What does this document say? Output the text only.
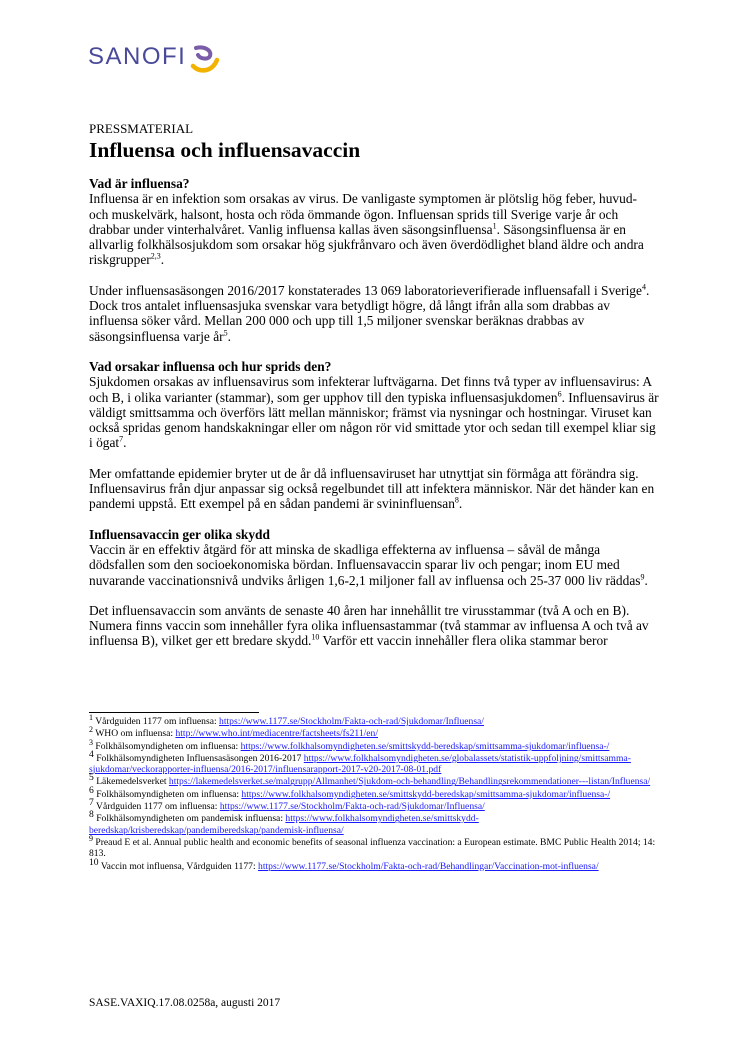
SANOFI
PRESSMATERIAL
Influensa och influensavaccin
Vad är influensa?

Influensa är en infektion som orsakas av virus. De vanligaste symptomen är plötslig hög feber, huvud- och muskelvärk, halsont, hosta och röda ömmande ögon. Influensan sprids till Sverige varje år och drabbar under vinterhalvåret. Vanlig influensa kallas även säsongsinfluensa$^1$. Säsongsinfluensa är en allvarlig folkhälsosjukdom som orsakar hög sjukfrånvaro och även överdödlighet bland äldre och andra riskgrupper$^{2,3}$.

Under influensasäsongen 2016/2017 konstaterades 13 069 laboratorieverifierade influensafall i Sverige$^4$. Dock tros antalet influensasjuka svenskar vara betydligt högre, då långt ifrån alla som drabbas av influensa söker vård. Mellan 200 000 och upp till 1,5 miljoner svenskar beräknas drabbas av säsongsinfluensa varje $år^5$.

Vad orsakar influensa och hur sprids den?

Sjukdomen orsakas av influensavirus som infekterar luftvägarna. Det finns två typer av influensavirus: A och B, i olika varianter (stammar), som ger upphov till den typiska influensasjukdomen$^6$. Influensavirus är väldigt smittsamma och överförs lätt mellan människor; främst via nysningar och hostningar. Viruset kan också spridas genom handskakningar eller om någon rör vid smittade ytor och sedan till exempel kliar sig i ögat$^7$.

Mer omfattande epidemier bryter ut de år då influensaviruset har utnyttjat sin förmåga att förändra sig. Influensavirus från djur anpassar sig också regelbundet till att infektera människor. När det händer kan en pandemi uppstå. Ett exempel på en sådan pandemi är svininfluensan$^8$.

Influensavaccin ger olika skydd

Vaccin är en effektiv åtgärd för att minska de skadliga effekterna av influensa – såväl de många dödsfallen som den socioekonomiska bördan. Influensavaccin sparar liv och pengar; inom EU med nuvarande vaccinationsnivå undviks årligen 1,6-2,1 miljoner fall av influensa och 25-37 000 liv räddas$^9$.

Det influensavaccin som använts de senaste 40 åren har innehållit tre virusstammar (två A och en B). Numera finns vaccin som innehåller fyra olika influensastammar (två stammar av influensa A och två av influensa B), vilket ger ett bredare skydd.$^{10}$ Varför ett vaccin innehåller flera olika stammar beror

$^1$ Vårdguiden 1177 om influensa: https://www.1177.se/Stockholm/Fakta-och-rad/Sjukdomar/Influensa/

$^2$ WHO om influensa: http://www.who.int/mediacentre/factsheets/fs211/en/

$^3$ Folkhälsomyndigheten om influensa: https://www.folkhalsomyndigheten.se/smittskydd-beredskap/smittsamma-sjukdomar/influensa-/

4 Folkhälsomyndigheten Influensasäsongen 2016-2017 https://www.folkhalsomyndigheten.se/globalassets/statistik-uppfoljning/smittsamma-sjukdomar/veckorapporter-influensa/2016-2017/influensarapport-2017-v20-2017-08-01.pdf

5 Läkemedelsverket https://lakemedelsverket.se/malgrupp/Allmanhet/Sjukdom-och-behandling/Behandlingsrekommendationer---listan/Influensa/

6 Folkhälsomyndigheten om influensa: https://www.folkhalsomyndigheten.se/smittskydd-beredskap/smittsamma-sjukdomar/influensa-/

7 Vårdguiden 1177 om influensa: https://www.1177.se/Stockholm/Fakta-och-rad/Sjukdomar/Influensa/

8 Folkhälsomyndigheten om pandemisk influensa: https://www.folkhalsomyndigheten.se/smittskydd-beredskap/krisberedskap/pandemiberedskap/pandemisk-influensa/

$^9$ Preaud E et al. Annual public health and economic benefits of seasonal influenza vaccination: a European estimate. BMC Public Health 2014; 14: 813.

10 Vaccin mot influensa, Vårdguiden 1177: https://www.1177.se/Stockholm/Fakta-och-rad/Behandlingar/Vaccination-mot-influensa/

SASE.VAXIQ.17.08.0258a, augusti 2017
